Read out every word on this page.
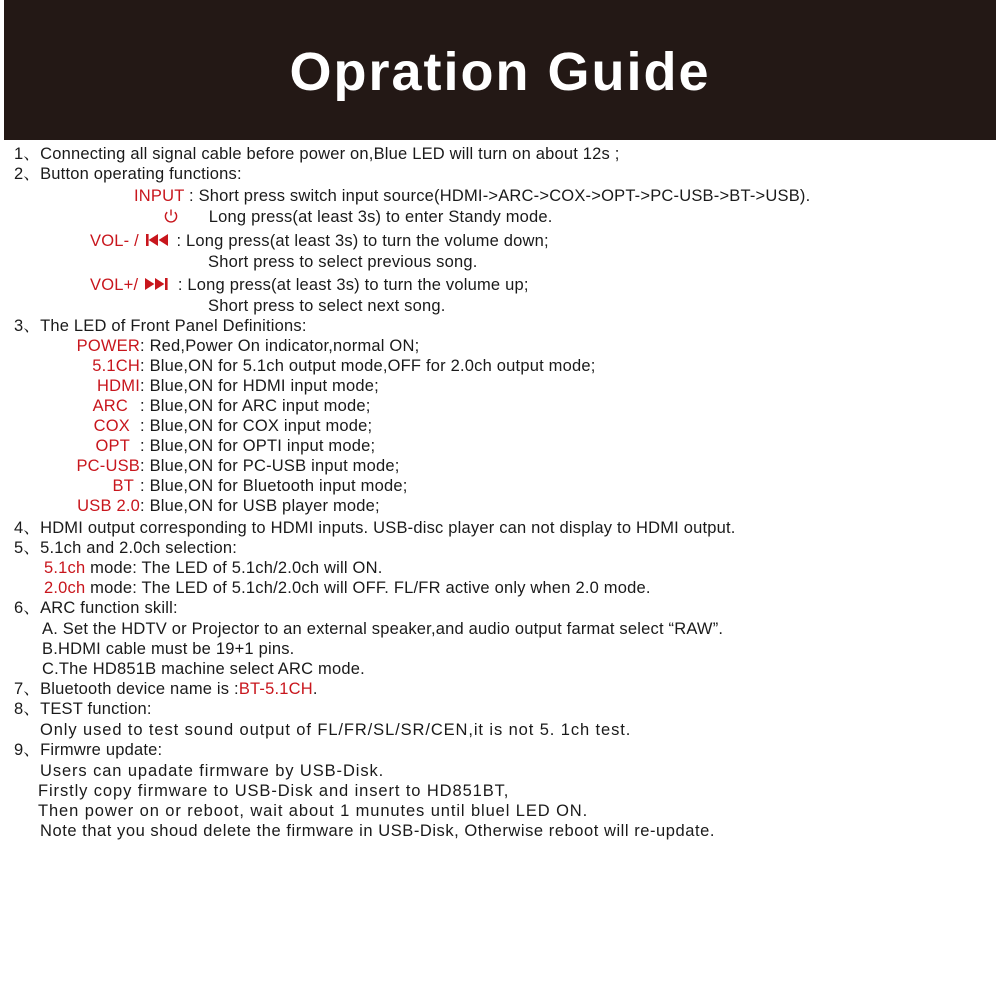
Opration Guide
1、Connecting all signal cable before power on,Blue LED will turn on about 12s ;
2、Button operating functions:
INPUT : Short press switch input source(HDMI->ARC->COX->OPT->PC-USB->BT->USB).
Long press(at least 3s) to enter Standy mode.
VOL- / : Long press(at least 3s) to turn the volume down;
Short press to select previous song.
VOL+/ : Long press(at least 3s) to turn the volume up;
Short press to select next song.
3、The LED of Front Panel Definitions:
POWER: Red,Power On indicator,normal ON;
5.1CH: Blue,ON for 5.1ch output mode,OFF for 2.0ch output mode;
HDMI: Blue,ON for HDMI input mode;
ARC : Blue,ON for ARC input mode;
COX : Blue,ON for COX input mode;
OPT : Blue,ON for OPTI input mode;
PC-USB: Blue,ON for PC-USB input mode;
BT : Blue,ON for Bluetooth input mode;
USB 2.0: Blue,ON for USB player mode;
4、HDMI output corresponding to HDMI inputs. USB-disc player can not display to HDMI output.
5、5.1ch and 2.0ch selection:
5.1ch mode: The LED of 5.1ch/2.0ch will ON.
2.0ch mode: The LED of 5.1ch/2.0ch will OFF. FL/FR active only when 2.0 mode.
6、ARC function skill:
A. Set the HDTV or Projector to an external speaker,and audio output farmat select “RAW”.
B.HDMI cable must be 19+1 pins.
C.The HD851B machine select ARC mode.
7、Bluetooth device name is :BT-5.1CH.
8、TEST function:
Only used to test sound output of FL/FR/SL/SR/CEN,it is not 5. 1ch test.
9、Firmwre update:
Users can upadate firmware by USB-Disk.
Firstly copy firmware to USB-Disk and insert to HD851BT,
Then power on or reboot, wait about 1 munutes until bluel LED ON.
Note that you shoud delete the firmware in USB-Disk, Otherwise reboot will re-update.
